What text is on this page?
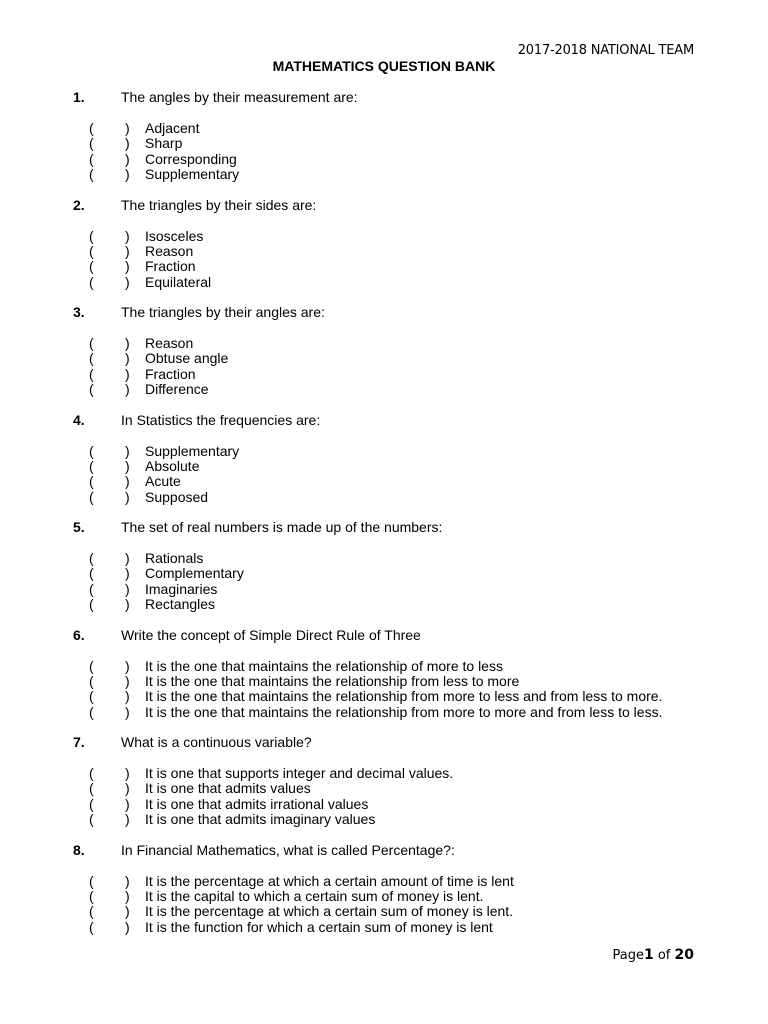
2017-2018 NATIONAL TEAM
MATHEMATICS QUESTION BANK
1.	The angles by their measurement are:
( ) Adjacent
( ) Sharp
( ) Corresponding
( ) Supplementary
2.	The triangles by their sides are:
( ) Isosceles
( ) Reason
( ) Fraction
( ) Equilateral
3.	The triangles by their angles are:
( ) Reason
( ) Obtuse angle
( ) Fraction
( ) Difference
4.	In Statistics the frequencies are:
( ) Supplementary
( ) Absolute
( ) Acute
( ) Supposed
5.	The set of real numbers is made up of the numbers:
( ) Rationals
( ) Complementary
( ) Imaginaries
( ) Rectangles
6.	Write the concept of Simple Direct Rule of Three
( ) It is the one that maintains the relationship of more to less
( ) It is the one that maintains the relationship from less to more
( ) It is the one that maintains the relationship from more to less and from less to more.
( ) It is the one that maintains the relationship from more to more and from less to less.
7.	What is a continuous variable?
( ) It is one that supports integer and decimal values.
( ) It is one that admits values
( ) It is one that admits irrational values
( ) It is one that admits imaginary values
8.	In Financial Mathematics, what is called Percentage?:
( ) It is the percentage at which a certain amount of time is lent
( ) It is the capital to which a certain sum of money is lent.
( ) It is the percentage at which a certain sum of money is lent.
( ) It is the function for which a certain sum of money is lent
Page1 of 20
